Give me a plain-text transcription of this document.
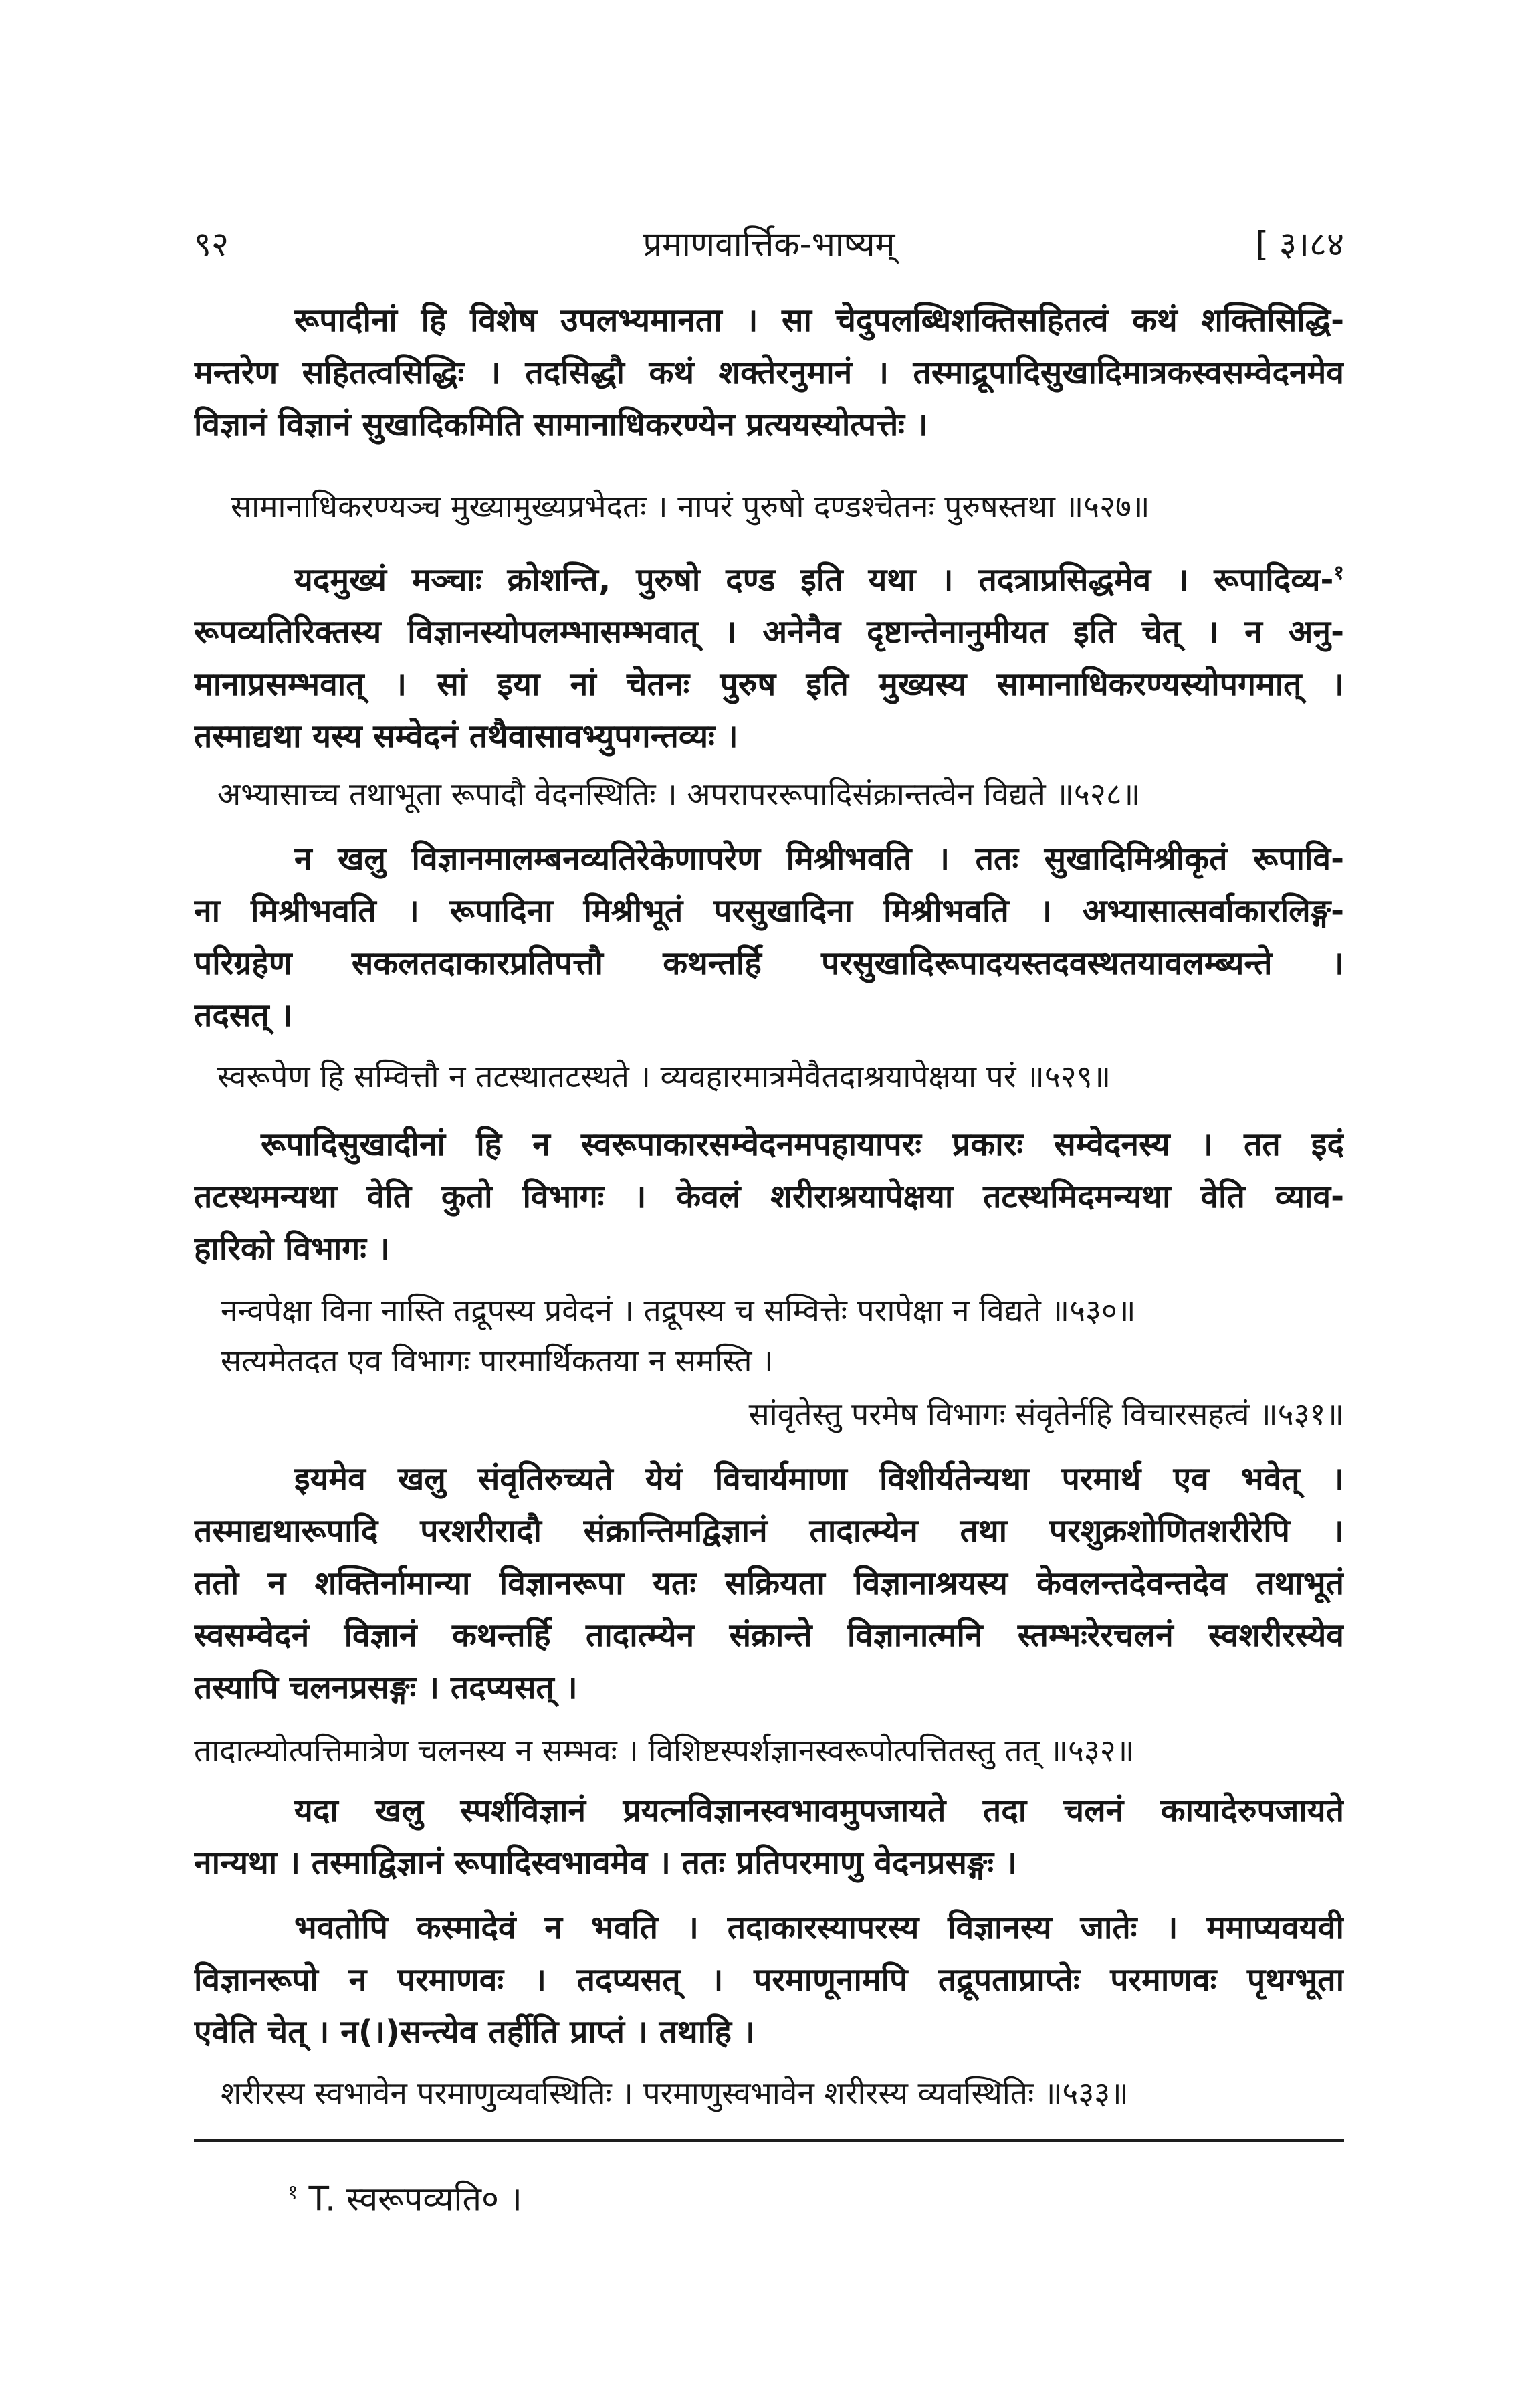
९२	प्रमाणवार्त्तिक-भाष्यम्	[ ३।८४
रूपादीनां हि विशेष उपलभ्यमानता । सा चेदुपलब्धिशक्तिसहितत्वं कथं शक्तिसिद्धि-
मन्तरेण सहितत्वसिद्धिः । तदसिद्धौ कथं शक्तेरनुमानं । तस्माद्रूपादिसुखादिमात्रकस्वसम्वेदनमेव
विज्ञानं विज्ञानं सुखादिकमिति सामानाधिकरण्येन प्रत्ययस्योत्पत्तेः ।
सामानाधिकरण्यञ्च मुख्यामुख्यप्रभेदतः । नापरं पुरुषो दण्डश्चेतनः पुरुषस्तथा ॥५२७॥
यदमुख्यं मञ्चाः क्रोशन्ति, पुरुषो दण्ड इति यथा । तदत्राप्रसिद्धमेव । रूपादिव्य-$^१$
रूपव्यतिरिक्तस्य विज्ञानस्योपलम्भासम्भवात् । अनेनैव दृष्टान्तेनानुमीयत इति चेत् । न अनु-
मानाप्रसम्भवात् । सां इया नां चेतनः पुरुष इति मुख्यस्य सामानाधिकरण्यस्योपगमात् ।
तस्माद्यथा यस्य सम्वेदनं तथैवासावभ्युपगन्तव्यः ।
अभ्यासाच्च तथाभूता रूपादौ वेदनस्थितिः । अपरापररूपादिसंक्रान्तत्वेन विद्यते ॥५२८॥
न खलु विज्ञानमालम्बनव्यतिरेकेणापरेण मिश्रीभवति । ततः सुखादिमिश्रीकृतं रूपावि-
ना मिश्रीभवति । रूपादिना मिश्रीभूतं परसुखादिना मिश्रीभवति । अभ्यासात्सर्वाकारलिङ्ग-
परिग्रहेण सकलतदाकारप्रतिपत्तौ कथन्तर्हि परसुखादिरूपादयस्तदवस्थतयावलम्ब्यन्ते ।
तदसत् ।
स्वरूपेण हि सम्वित्तौ न तटस्थातटस्थते । व्यवहारमात्रमेवैतदाश्रयापेक्षया परं ॥५२९॥
रूपादिसुखादीनां हि न स्वरूपाकारसम्वेदनमपहायापरः प्रकारः सम्वेदनस्य । तत इदं
तटस्थमन्यथा वेति कुतो विभागः । केवलं शरीराश्रयापेक्षया तटस्थमिदमन्यथा वेति व्याव-
हारिको विभागः ।
नन्वपेक्षा विना नास्ति तद्रूपस्य प्रवेदनं । तद्रूपस्य च सम्वित्तेः परापेक्षा न विद्यते ॥५३०॥
सत्यमेतदत एव विभागः पारमार्थिकतया न समस्ति ।
सांवृतेस्तु परमेष विभागः संवृतेर्नहि विचारसहत्वं ॥५३१॥
इयमेव खलु संवृतिरुच्यते येयं विचार्यमाणा विशीर्यतेन्यथा परमार्थ एव भवेत् ।
तस्माद्यथारूपादि परशरीरादौ संक्रान्तिमद्विज्ञानं तादात्म्येन तथा परशुक्रशोणितशरीरेपि ।
ततो न शक्तिर्नामान्या विज्ञानरूपा यतः सक्रियता विज्ञानाश्रयस्य केवलन्तदेवन्तदेव तथाभूतं
स्वसम्वेदनं विज्ञानं कथन्तर्हि तादात्म्येन संक्रान्ते विज्ञानात्मनि स्तम्भःरेरचलनं स्वशरीरस्येव
तस्यापि चलनप्रसङ्गः । तदप्यसत् ।
तादात्म्योत्पत्तिमात्रेण चलनस्य न सम्भवः । विशिष्टस्पर्शज्ञानस्वरूपोत्पत्तितस्तु तत् ॥५३२॥
यदा खलु स्पर्शविज्ञानं प्रयत्नविज्ञानस्वभावमुपजायते तदा चलनं कायादेरुपजायते
नान्यथा । तस्माद्विज्ञानं रूपादिस्वभावमेव । ततः प्रतिपरमाणु वेदनप्रसङ्गः ।
भवतोपि कस्मादेवं न भवति । तदाकारस्यापरस्य विज्ञानस्य जातेः । ममाप्यवयवी
विज्ञानरूपो न परमाणवः । तदप्यसत् । परमाणूनामपि तद्रूपताप्राप्तेः परमाणवः पृथग्भूता
एवेति चेत् । न(।)सन्त्येव तर्हीति प्राप्तं । तथाहि ।
शरीरस्य स्वभावेन परमाणुव्यवस्थितिः । परमाणुस्वभावेन शरीरस्य व्यवस्थितिः ॥५३३॥
$^१$ T. स्वरूपव्यति० ।
